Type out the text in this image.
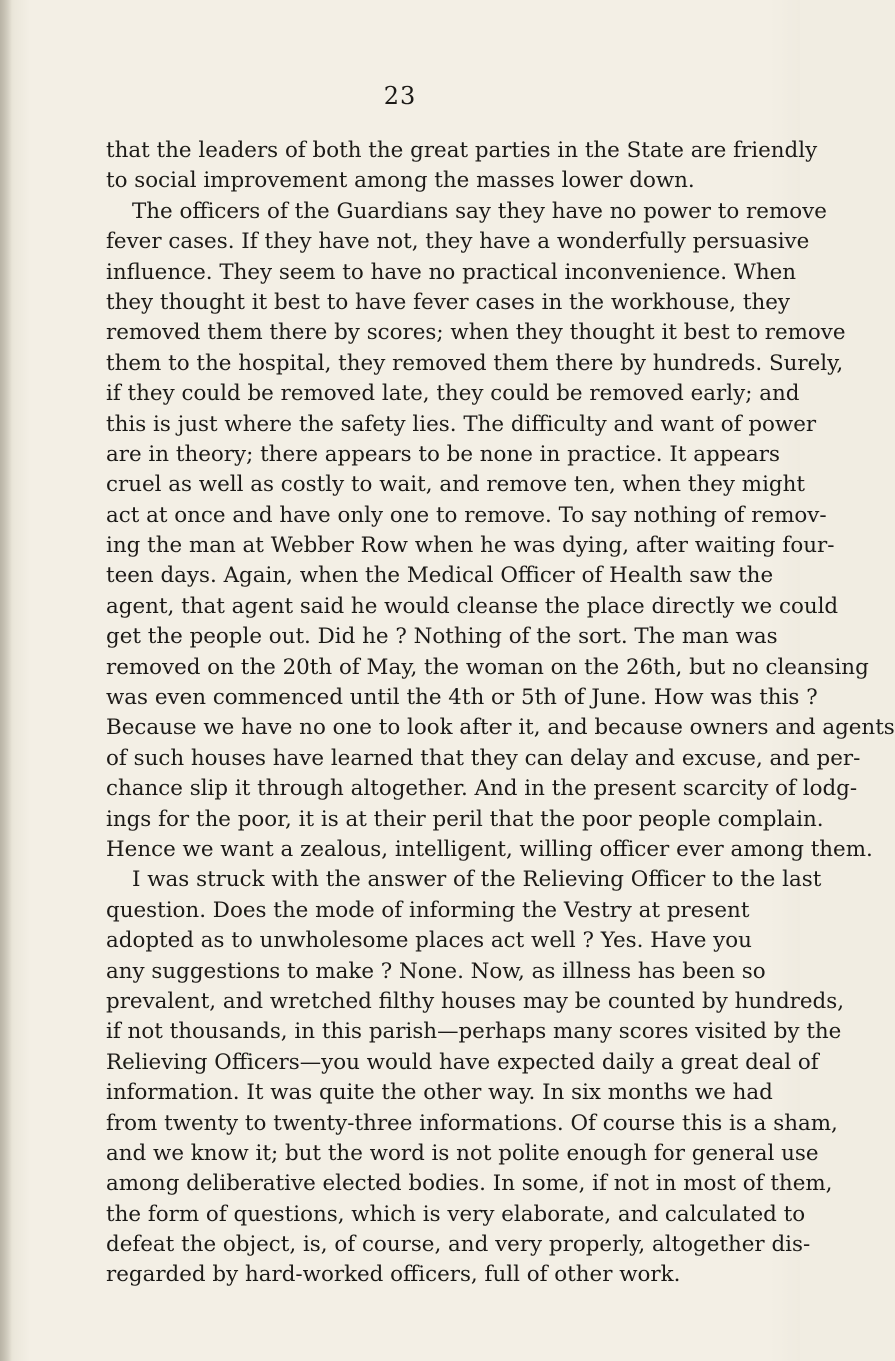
23
that the leaders of both the great parties in the State are friendly
to social improvement among the masses lower down.
The officers of the Guardians say they have no power to remove
fever cases. If they have not, they have a wonderfully persuasive
influence. They seem to have no practical inconvenience. When
they thought it best to have fever cases in the workhouse, they
removed them there by scores; when they thought it best to remove
them to the hospital, they removed them there by hundreds. Surely,
if they could be removed late, they could be removed early; and
this is just where the safety lies. The difficulty and want of power
are in theory; there appears to be none in practice. It appears
cruel as well as costly to wait, and remove ten, when they might
act at once and have only one to remove. To say nothing of remov-
ing the man at Webber Row when he was dying, after waiting four-
teen days. Again, when the Medical Officer of Health saw the
agent, that agent said he would cleanse the place directly we could
get the people out. Did he ? Nothing of the sort. The man was
removed on the 20th of May, the woman on the 26th, but no cleansing
was even commenced until the 4th or 5th of June. How was this ?
Because we have no one to look after it, and because owners and agents
of such houses have learned that they can delay and excuse, and per-
chance slip it through altogether. And in the present scarcity of lodg-
ings for the poor, it is at their peril that the poor people complain.
Hence we want a zealous, intelligent, willing officer ever among them.
I was struck with the answer of the Relieving Officer to the last
question. Does the mode of informing the Vestry at present
adopted as to unwholesome places act well ? Yes. Have you
any suggestions to make ? None. Now, as illness has been so
prevalent, and wretched filthy houses may be counted by hundreds,
if not thousands, in this parish—perhaps many scores visited by the
Relieving Officers—you would have expected daily a great deal of
information. It was quite the other way. In six months we had
from twenty to twenty-three informations. Of course this is a sham,
and we know it; but the word is not polite enough for general use
among deliberative elected bodies. In some, if not in most of them,
the form of questions, which is very elaborate, and calculated to
defeat the object, is, of course, and very properly, altogether dis-
regarded by hard-worked officers, full of other work.
